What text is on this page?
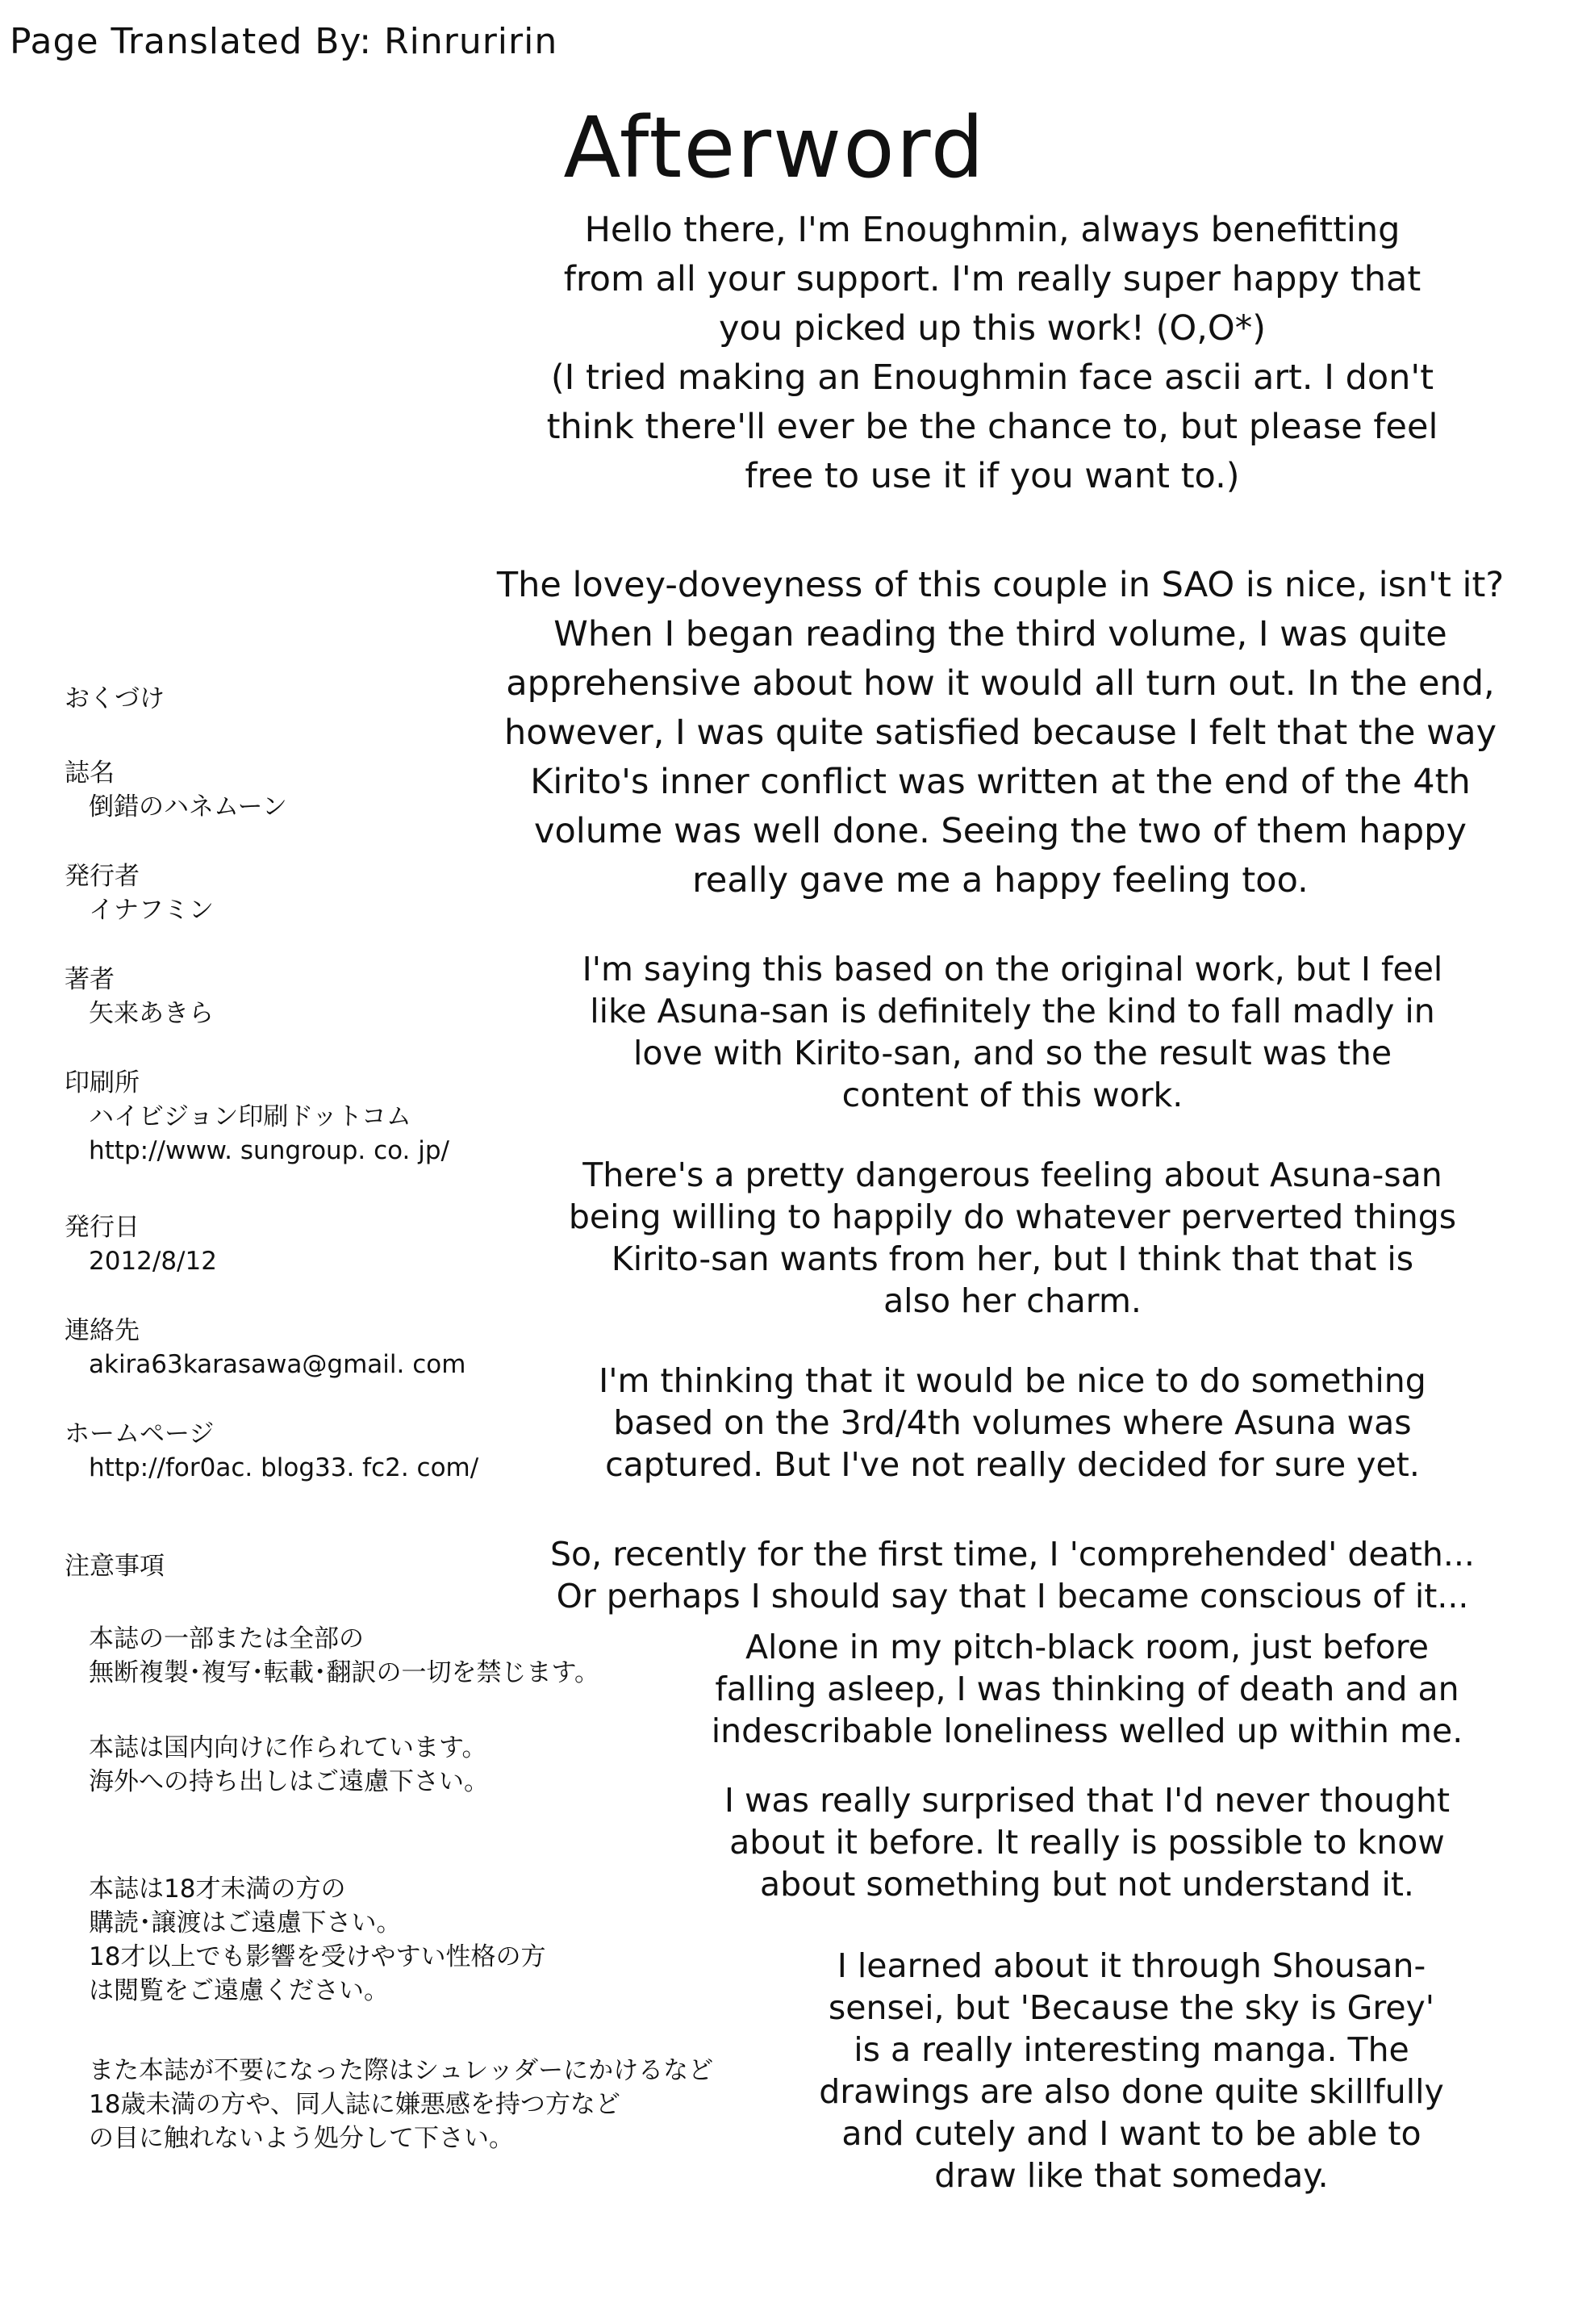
Page Translated By: Rinruririn
Afterword
Hello there, I'm Enoughmin, always benefitting
from all your support. I'm really super happy that
you picked up this work! (O,O*)
(I tried making an Enoughmin face ascii art. I don't
think there'll ever be the chance to, but please feel
free to use it if you want to.)
The lovey-doveyness of this couple in SAO is nice, isn't it?
When I began reading the third volume, I was quite
apprehensive about how it would all turn out. In the end,
however, I was quite satisfied because I felt that the way
Kirito's inner conflict was written at the end of the 4th
volume was well done. Seeing the two of them happy
really gave me a happy feeling too.
I'm saying this based on the original work, but I feel
like Asuna-san is definitely the kind to fall madly in
love with Kirito-san, and so the result was the
content of this work.
There's a pretty dangerous feeling about Asuna-san
being willing to happily do whatever perverted things
Kirito-san wants from her, but I think that that is
also her charm.
I'm thinking that it would be nice to do something
based on the 3rd/4th volumes where Asuna was
captured. But I've not really decided for sure yet.
So, recently for the first time, I 'comprehended' death...
Or perhaps I should say that I became conscious of it...
Alone in my pitch-black room, just before
falling asleep, I was thinking of death and an
indescribable loneliness welled up within me.
I was really surprised that I'd never thought
about it before. It really is possible to know
about something but not understand it.
I learned about it through Shousan-
sensei, but 'Because the sky is Grey'
is a really interesting manga. The
drawings are also done quite skillfully
and cutely and I want to be able to
draw like that someday.
おくづけ
誌名
倒錯のハネムーン
発行者
イナフミン
著者
矢来あきら
印刷所
ハイビジョン印刷ドットコム
http://www. sungroup. co. jp/
発行日
2012/8/12
連絡先
akira63karasawa@gmail. com
ホームページ
http://for0ac. blog33. fc2. com/
注意事項
本誌の一部または全部の
無断複製･複写･転載･翻訳の一切を禁じます。
本誌は国内向けに作られています。
海外への持ち出しはご遠慮下さい。
本誌は18才未満の方の
購読･譲渡はご遠慮下さい。
18才以上でも影響を受けやすい性格の方
は閲覧をご遠慮ください。
また本誌が不要になった際はシュレッダーにかけるなど
18歳未満の方や、同人誌に嫌悪感を持つ方など
の目に触れないよう処分して下さい。
